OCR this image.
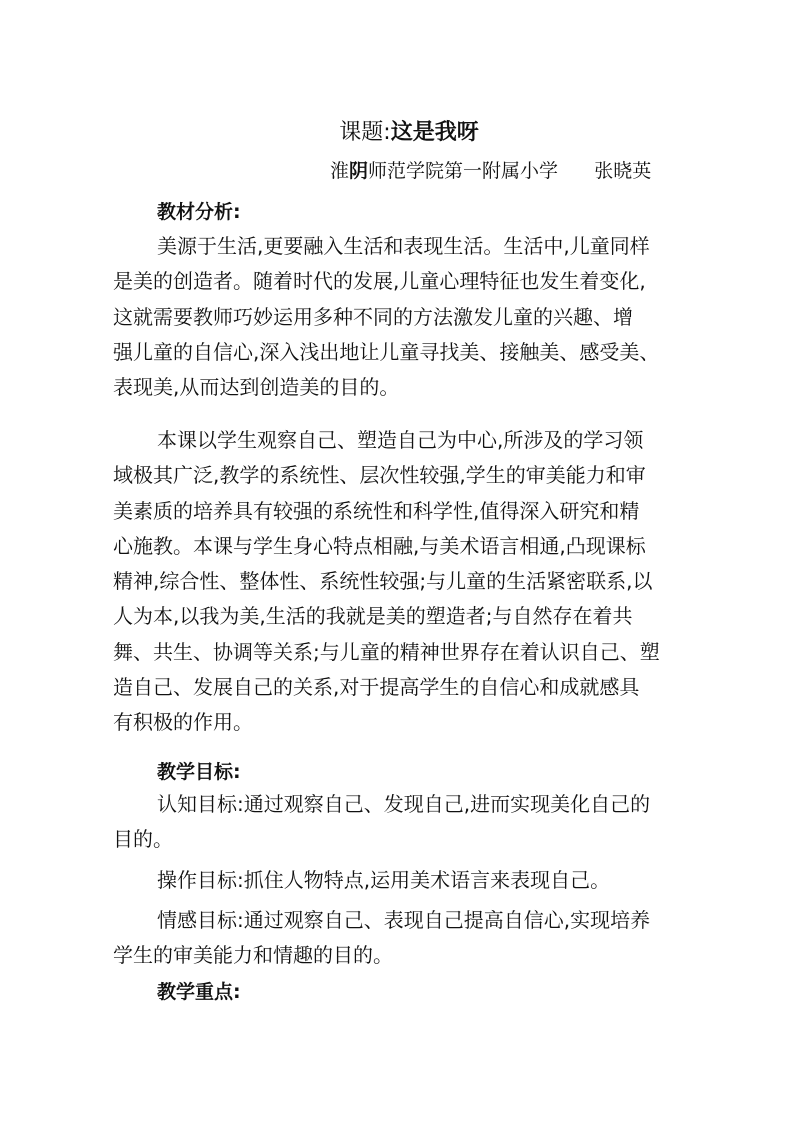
课题:这是我呀
淮阴师范学院第一附属小学 张晓英
教材分析:
美源于生活,更要融入生活和表现生活。生活中,儿童同样
是美的创造者。随着时代的发展,儿童心理特征也发生着变化,
这就需要教师巧妙运用多种不同的方法激发儿童的兴趣、增
强儿童的自信心,深入浅出地让儿童寻找美、接触美、感受美、
表现美,从而达到创造美的目的。
本课以学生观察自己、塑造自己为中心,所涉及的学习领
域极其广泛,教学的系统性、层次性较强,学生的审美能力和审
美素质的培养具有较强的系统性和科学性,值得深入研究和精
心施教。本课与学生身心特点相融,与美术语言相通,凸现课标
精神,综合性、整体性、系统性较强;与儿童的生活紧密联系,以
人为本,以我为美,生活的我就是美的塑造者;与自然存在着共
舞、共生、协调等关系;与儿童的精神世界存在着认识自己、塑
造自己、发展自己的关系,对于提高学生的自信心和成就感具
有积极的作用。
教学目标:
认知目标:通过观察自己、发现自己,进而实现美化自己的
目的。
操作目标:抓住人物特点,运用美术语言来表现自己。
情感目标:通过观察自己、表现自己提高自信心,实现培养
学生的审美能力和情趣的目的。
教学重点:
